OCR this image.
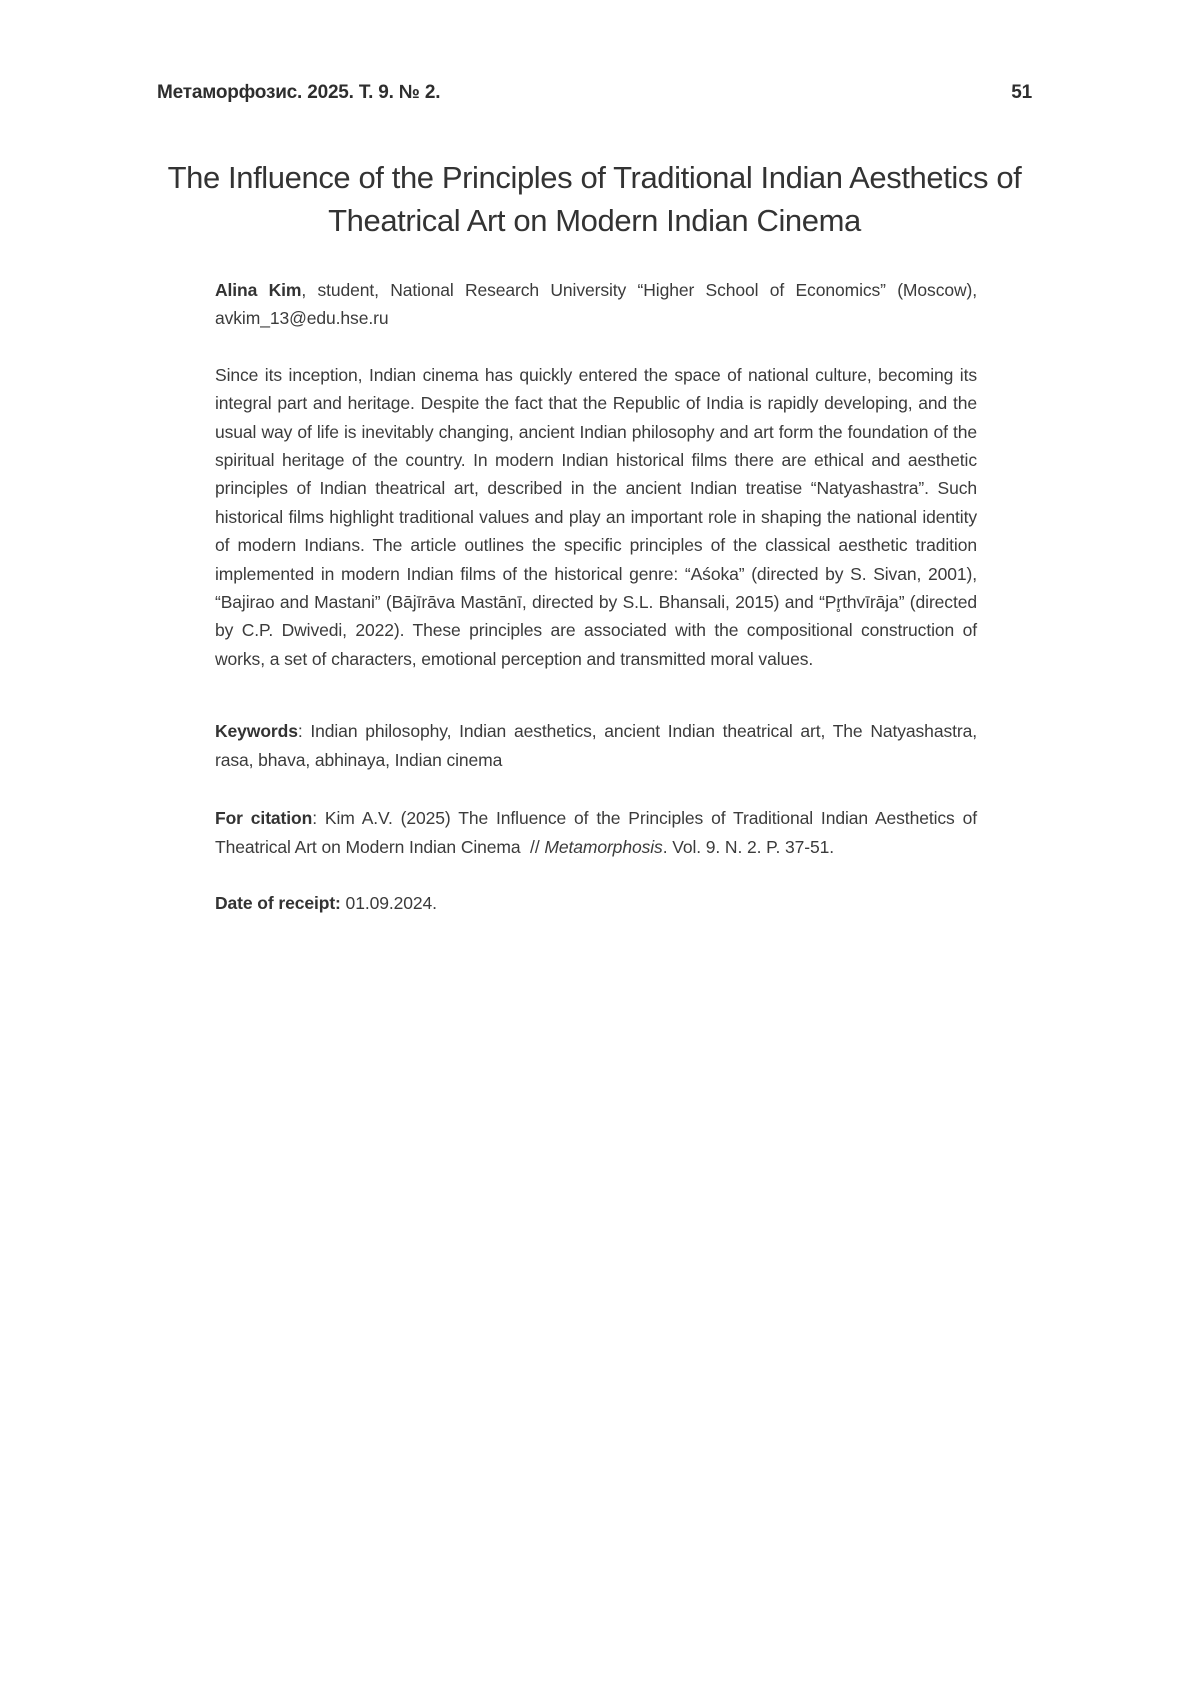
Метаморфозис. 2025. Т. 9. № 2.	51
The Influence of the Principles of Traditional Indian Aesthetics of Theatrical Art on Modern Indian Cinema

Alina Kim, student, National Research University “Higher School of Economics” (Moscow), avkim_13@edu.hse.ru

Since its inception, Indian cinema has quickly entered the space of national culture, becoming its integral part and heritage. Despite the fact that the Republic of India is rapidly developing, and the usual way of life is inevitably changing, ancient Indian philosophy and art form the foundation of the spiritual heritage of the country. In modern Indian historical films there are ethical and aesthetic principles of Indian theatrical art, described in the ancient Indian treatise “Natyashastra”. Such historical films highlight traditional values and play an important role in shaping the national identity of modern Indians. The article outlines the specific principles of the classical aesthetic tradition implemented in modern Indian films of the historical genre: “Aśoka” (directed by S. Sivan, 2001), “Bajirao and Mastani” (Bājīrāva Mastānī, directed by S.L. Bhansali, 2015) and “Pr̥thvīrāja” (directed by C.P. Dwivedi, 2022). These principles are associated with the compositional construction of works, a set of characters, emotional perception and transmitted moral values.

Keywords: Indian philosophy, Indian aesthetics, ancient Indian theatrical art, The Natyashastra, rasa, bhava, abhinaya, Indian cinema

For citation: Kim A.V. (2025) The Influence of the Principles of Traditional Indian Aesthetics of Theatrical Art on Modern Indian Cinema  // Metamorphosis. Vol. 9. N. 2. P. 37-51.

Date of receipt: 01.09.2024.
